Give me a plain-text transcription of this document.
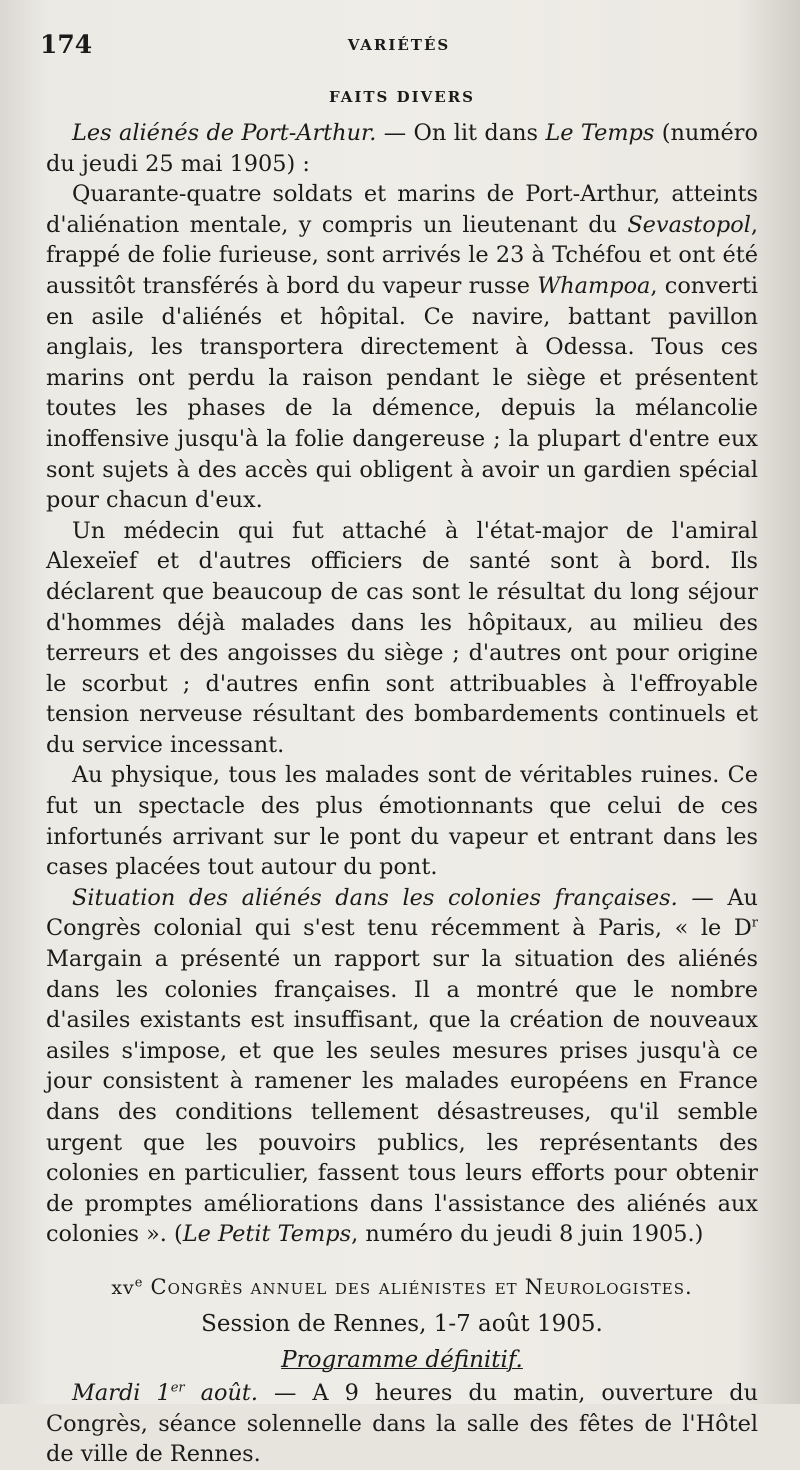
174	VARIÉTÉS
FAITS DIVERS

Les aliénés de Port-Arthur. — On lit dans Le Temps (numéro du jeudi 25 mai 1905) :

Quarante-quatre soldats et marins de Port-Arthur, atteints d'aliénation mentale, y compris un lieutenant du Sevastopol, frappé de folie furieuse, sont arrivés le 23 à Tchéfou et ont été aussitôt transférés à bord du vapeur russe Whampoa, converti en asile d'aliénés et hôpital. Ce navire, battant pavillon anglais, les transportera directement à Odessa. Tous ces marins ont perdu la raison pendant le siège et présentent toutes les phases de la démence, depuis la mélancolie inoffensive jusqu'à la folie dangereuse ; la plupart d'entre eux sont sujets à des accès qui obligent à avoir un gardien spécial pour chacun d'eux.

Un médecin qui fut attaché à l'état-major de l'amiral Alexeïef et d'autres officiers de santé sont à bord. Ils déclarent que beaucoup de cas sont le résultat du long séjour d'hommes déjà malades dans les hôpitaux, au milieu des terreurs et des angoisses du siège ; d'autres ont pour origine le scorbut ; d'autres enfin sont attribuables à l'effroyable tension nerveuse résultant des bombardements continuels et du service incessant.

Au physique, tous les malades sont de véritables ruines. Ce fut un spectacle des plus émotionnants que celui de ces infortunés arrivant sur le pont du vapeur et entrant dans les cases placées tout autour du pont.

Situation des aliénés dans les colonies françaises. — Au Congrès colonial qui s'est tenu récemment à Paris, « le $D^r$ Margain a présenté un rapport sur la situation des aliénés dans les colonies françaises. Il a montré que le nombre d'asiles existants est insuffisant, que la création de nouveaux asiles s'impose, et que les seules mesures prises jusqu'à ce jour consistent à ramener les malades européens en France dans des conditions tellement désastreuses, qu'il semble urgent que les pouvoirs publics, les représentants des colonies en particulier, fassent tous leurs efforts pour obtenir de promptes améliorations dans l'assistance des aliénés aux colonies ». (Le Petit Temps, numéro du jeudi 8 juin 1905.)

$xv^e$ Congrès annuel des aliénistes et Neurologistes.
Session de Rennes, 1-7 août 1905.
Programme définitif.

Mardi 1er août. — A 9 heures du matin, ouverture du Congrès, séance solennelle dans la salle des fêtes de l'Hôtel de ville de Rennes.
